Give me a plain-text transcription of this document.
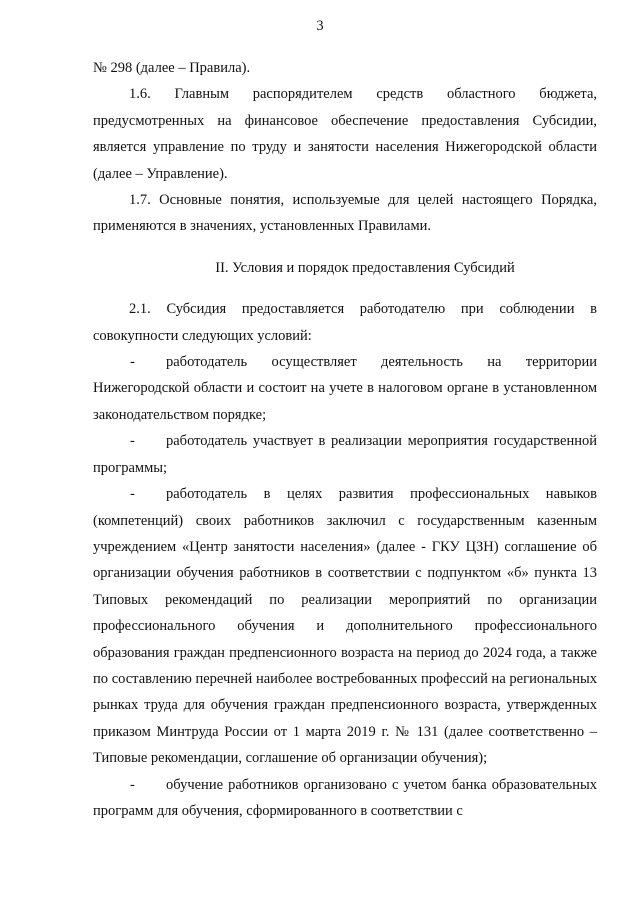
3

№ 298 (далее – Правила).

1.6. Главным распорядителем средств областного бюджета, предусмотренных на финансовое обеспечение предоставления Субсидии, является управление по труду и занятости населения Нижегородской области (далее – Управление).

1.7. Основные понятия, используемые для целей настоящего Порядка, применяются в значениях, установленных Правилами.

II. Условия и порядок предоставления Субсидий

2.1. Субсидия предоставляется работодателю при соблюдении в совокупности следующих условий:

- работодатель осуществляет деятельность на территории Нижегородской области и состоит на учете в налоговом органе в установленном законодательством порядке;

- работодатель участвует в реализации мероприятия государственной программы;

- работодатель в целях развития профессиональных навыков (компетенций) своих работников заключил с государственным казенным учреждением «Центр занятости населения» (далее - ГКУ ЦЗН) соглашение об организации обучения работников в соответствии с подпунктом «б» пункта 13 Типовых рекомендаций по реализации мероприятий по организации профессионального обучения и дополнительного профессионального образования граждан предпенсионного возраста на период до 2024 года, а также по составлению перечней наиболее востребованных профессий на региональных рынках труда для обучения граждан предпенсионного возраста, утвержденных приказом Минтруда России от 1 марта 2019 г. № 131 (далее соответственно – Типовые рекомендации, соглашение об организации обучения);

- обучение работников организовано с учетом банка образовательных программ для обучения, сформированного в соответствии с
